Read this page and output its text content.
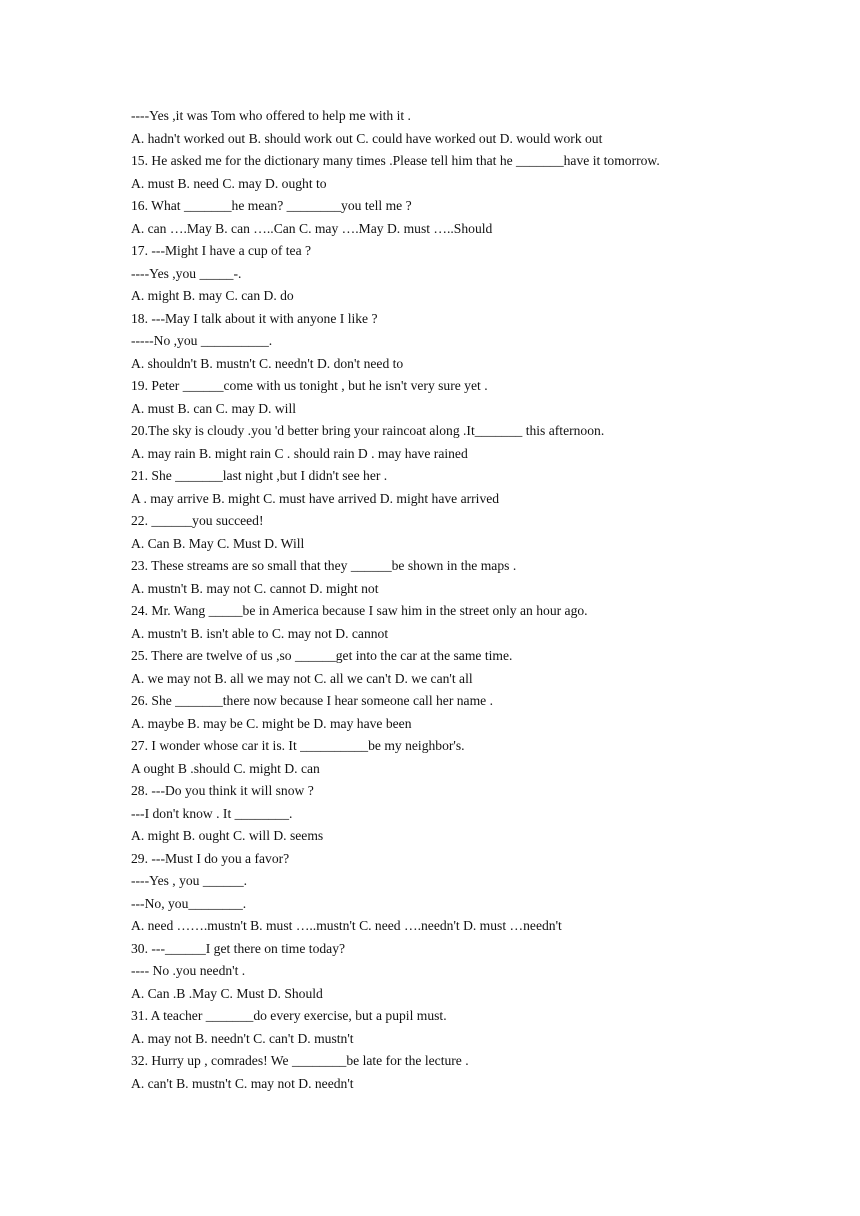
----Yes ,it was Tom who offered to help me with it .
A. hadn't worked out B. should work out C. could have worked out D. would work out
15. He asked me for the dictionary many times .Please tell him that he _______have it tomorrow.
A. must B. need C. may D. ought to
16. What _______he mean? ________you tell me ?
A. can ….May B. can …..Can C. may ….May D. must …..Should
17. ---Might I have a cup of tea ?
----Yes ,you _____-.
A. might B. may C. can D. do
18. ---May I talk about it with anyone I like ?
-----No ,you __________.
A. shouldn't B. mustn't C. needn't D. don't need to
19. Peter ______come with us tonight , but he isn't very sure yet .
A. must B. can C. may D. will
20.The sky is cloudy .you 'd better bring your raincoat along .It_______ this afternoon.
A. may rain B. might rain C . should rain D . may have rained
21. She _______last night ,but I didn't see her .
A . may arrive B. might C. must have arrived D. might have arrived
22. ______you succeed!
A. Can B. May C. Must D. Will
23. These streams are so small that they ______be shown in the maps .
A. mustn't B. may not C. cannot D. might not
24. Mr. Wang _____be in America because I saw him in the street only an hour ago.
A. mustn't B. isn't able to C. may not D. cannot
25. There are twelve of us ,so ______get into the car at the same time.
A. we may not B. all we may not C. all we can't D. we can't all
26. She _______there now because I hear someone call her name .
A. maybe B. may be C. might be D. may have been
27. I wonder whose car it is. It __________be my neighbor's.
A ought B .should C. might D. can
28. ---Do you think it will snow ?
---I don't know . It ________.
A. might B. ought C. will D. seems
29. ---Must I do you a favor?
----Yes , you ______.
---No, you________.
A. need …….mustn't B. must …..mustn't C. need ….needn't D. must …needn't
30. ---______I get there on time today?
---- No .you needn't .
A. Can .B .May C. Must D. Should
31. A teacher _______do every exercise, but a pupil must.
A. may not B. needn't C. can't D. mustn't
32. Hurry up , comrades! We ________be late for the lecture .
A. can't B. mustn't C. may not D. needn't
